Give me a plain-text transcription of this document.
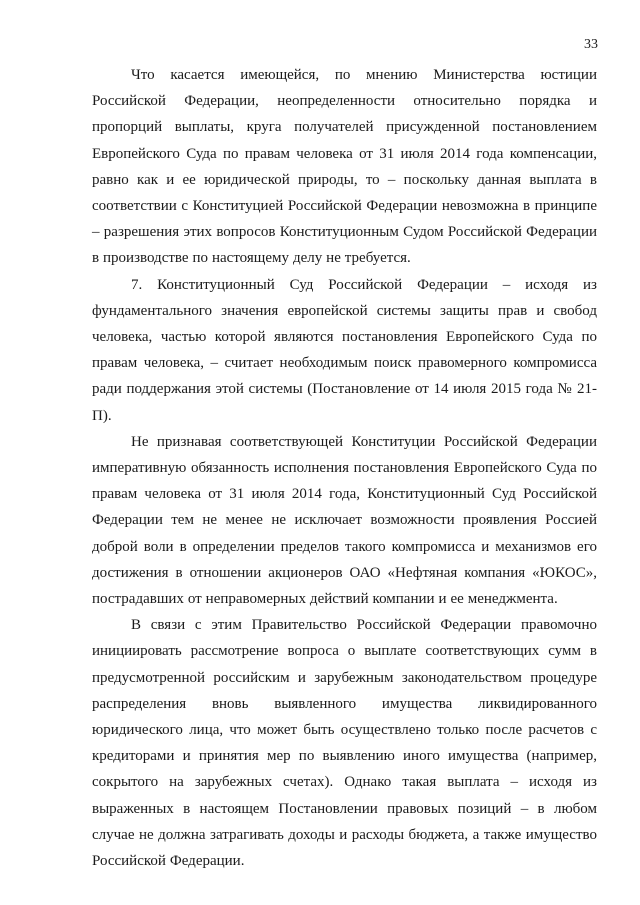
33

Что касается имеющейся, по мнению Министерства юстиции Российской Федерации, неопределенности относительно порядка и пропорций выплаты, круга получателей присужденной постановлением Европейского Суда по правам человека от 31 июля 2014 года компенсации, равно как и ее юридической природы, то – поскольку данная выплата в соответствии с Конституцией Российской Федерации невозможна в принципе – разрешения этих вопросов Конституционным Судом Российской Федерации в производстве по настоящему делу не требуется.

7. Конституционный Суд Российской Федерации – исходя из фундаментального значения европейской системы защиты прав и свобод человека, частью которой являются постановления Европейского Суда по правам человека, – считает необходимым поиск правомерного компромисса ради поддержания этой системы (Постановление от 14 июля 2015 года № 21-П).

Не признавая соответствующей Конституции Российской Федерации императивную обязанность исполнения постановления Европейского Суда по правам человека от 31 июля 2014 года, Конституционный Суд Российской Федерации тем не менее не исключает возможности проявления Россией доброй воли в определении пределов такого компромисса и механизмов его достижения в отношении акционеров ОАО «Нефтяная компания «ЮКОС», пострадавших от неправомерных действий компании и ее менеджмента.

В связи с этим Правительство Российской Федерации правомочно инициировать рассмотрение вопроса о выплате соответствующих сумм в предусмотренной российским и зарубежным законодательством процедуре распределения вновь выявленного имущества ликвидированного юридического лица, что может быть осуществлено только после расчетов с кредиторами и принятия мер по выявлению иного имущества (например, сокрытого на зарубежных счетах). Однако такая выплата – исходя из выраженных в настоящем Постановлении правовых позиций – в любом случае не должна затрагивать доходы и расходы бюджета, а также имущество Российской Федерации.
